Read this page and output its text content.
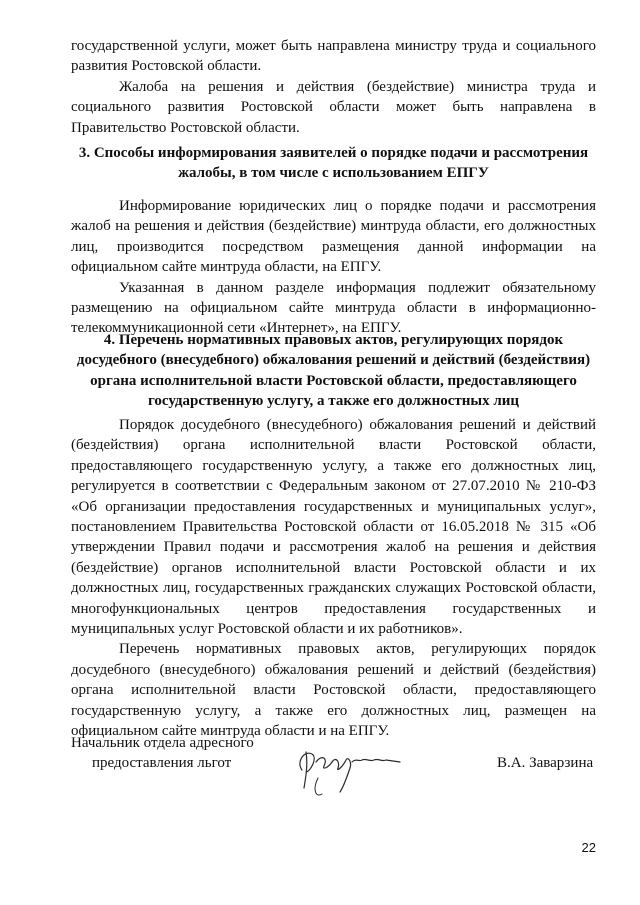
государственной услуги, может быть направлена министру труда и социального развития Ростовской области.

Жалоба на решения и действия (бездействие) министра труда и социального развития Ростовской области может быть направлена в Правительство Ростовской области.

3. Способы информирования заявителей о порядке подачи и рассмотрения жалобы, в том числе с использованием ЕПГУ

Информирование юридических лиц о порядке подачи и рассмотрения жалоб на решения и действия (бездействие) минтруда области, его должностных лиц, производится посредством размещения данной информации на официальном сайте минтруда области, на ЕПГУ.

Указанная в данном разделе информация подлежит обязательному размещению на официальном сайте минтруда области в информационно-телекоммуникационной сети «Интернет», на ЕПГУ.

4. Перечень нормативных правовых актов, регулирующих порядок досудебного (внесудебного) обжалования решений и действий (бездействия) органа исполнительной власти Ростовской области, предоставляющего государственную услугу, а также его должностных лиц

Порядок досудебного (внесудебного) обжалования решений и действий (бездействия) органа исполнительной власти Ростовской области, предоставляющего государственную услугу, а также его должностных лиц, регулируется в соответствии с Федеральным законом от 27.07.2010 № 210-ФЗ «Об организации предоставления государственных и муниципальных услуг», постановлением Правительства Ростовской области от 16.05.2018 № 315 «Об утверждении Правил подачи и рассмотрения жалоб на решения и действия (бездействие) органов исполнительной власти Ростовской области и их должностных лиц, государственных гражданских служащих Ростовской области, многофункциональных центров предоставления государственных и муниципальных услуг Ростовской области и их работников».

Перечень нормативных правовых актов, регулирующих порядок досудебного (внесудебного) обжалования решений и действий (бездействия) органа исполнительной власти Ростовской области, предоставляющего государственную услугу, а также его должностных лиц, размещен на официальном сайте минтруда области и на ЕПГУ.

Начальник отдела адресного
предоставления льгот	В.А. Заварзина
22
